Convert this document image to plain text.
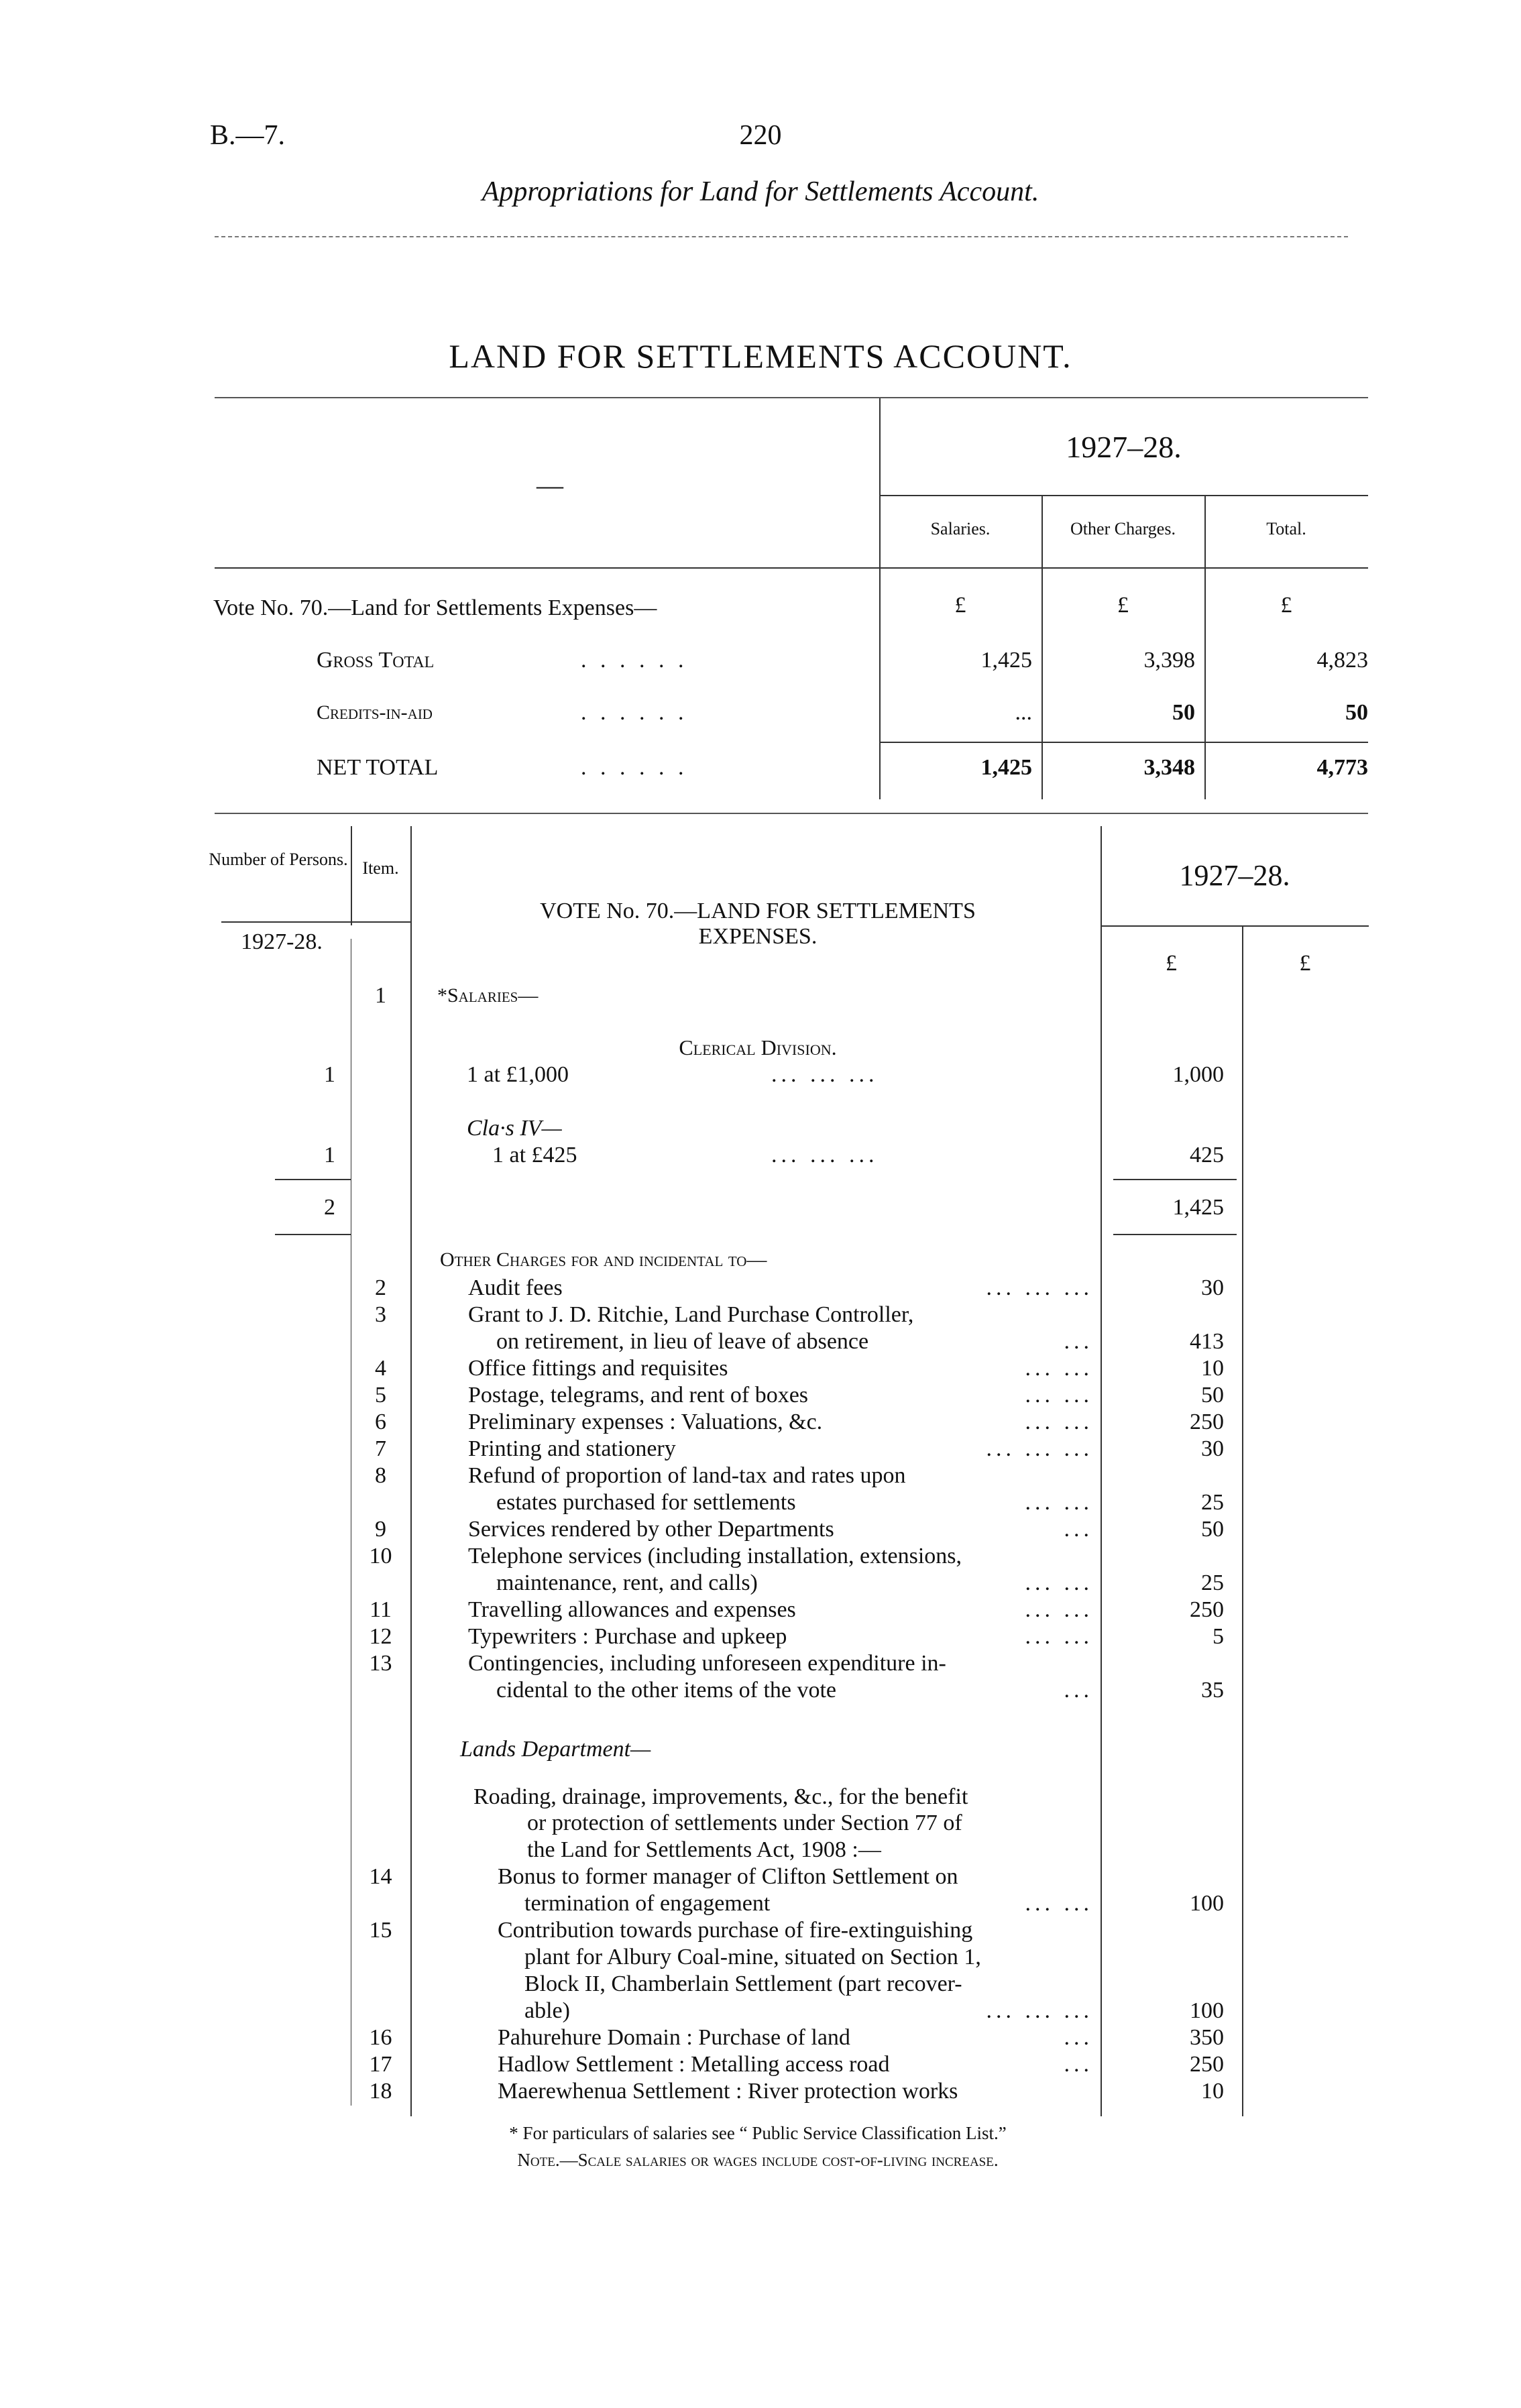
B.—7.	220
Appropriations for Land for Settlements Account.
LAND FOR SETTLEMENTS ACCOUNT.
—
1927–28.
Salaries.	Other Charges.	Total.
Vote No. 70.—Land for Settlements Expenses—	£	£	£
Gross Total	. . . . . .	1,425	3,398	4,823
Credits-in-aid	. . . . . .	...	50	50
NET TOTAL	. . . . . .	1,425	3,348	4,773
Number of Persons. Item.
1927-28.
VOTE No. 70.—LAND FOR SETTLEMENTS
EXPENSES.
1927–28.
£	£
1	*Salaries—
Clerical Division.
1	1 at £1,000	... ... ...	1,000
Cla·s IV—
1	1 at £425	... ... ...	425
2	1,425
Other Charges for and incidental to—
2	Audit fees	... ... ...	30
3	Grant to J. D. Ritchie, Land Purchase Controller,
on retirement, in lieu of leave of absence	...	413
4	Office fittings and requisites	... ...	10
5	Postage, telegrams, and rent of boxes	... ...	50
6	Preliminary expenses : Valuations, &c.	... ...	250
7	Printing and stationery	... ... ...	30
8	Refund of proportion of land-tax and rates upon
estates purchased for settlements	... ...	25
9	Services rendered by other Departments	...	50
10	Telephone services (including installation, extensions,
maintenance, rent, and calls)	... ...	25
11	Travelling allowances and expenses	... ...	250
12	Typewriters : Purchase and upkeep	... ...	5
13	Contingencies, including unforeseen expenditure in-
cidental to the other items of the vote	...	35
Lands Department—
Roading, drainage, improvements, &c., for the benefit
or protection of settlements under Section 77 of
the Land for Settlements Act, 1908 :—
14	Bonus to former manager of Clifton Settlement on
termination of engagement	... ...	100
15	Contribution towards purchase of fire-extinguishing
plant for Albury Coal-mine, situated on Section 1,
Block II, Chamberlain Settlement (part recover-
able)	... ... ...	100
16	Pahurehure Domain : Purchase of land	...	350
17	Hadlow Settlement : Metalling access road	...	250
18	Maerewhenua Settlement : River protection works	10
* For particulars of salaries see “ Public Service Classification List.”
Note.—Scale salaries or wages include cost-of-living increase.
